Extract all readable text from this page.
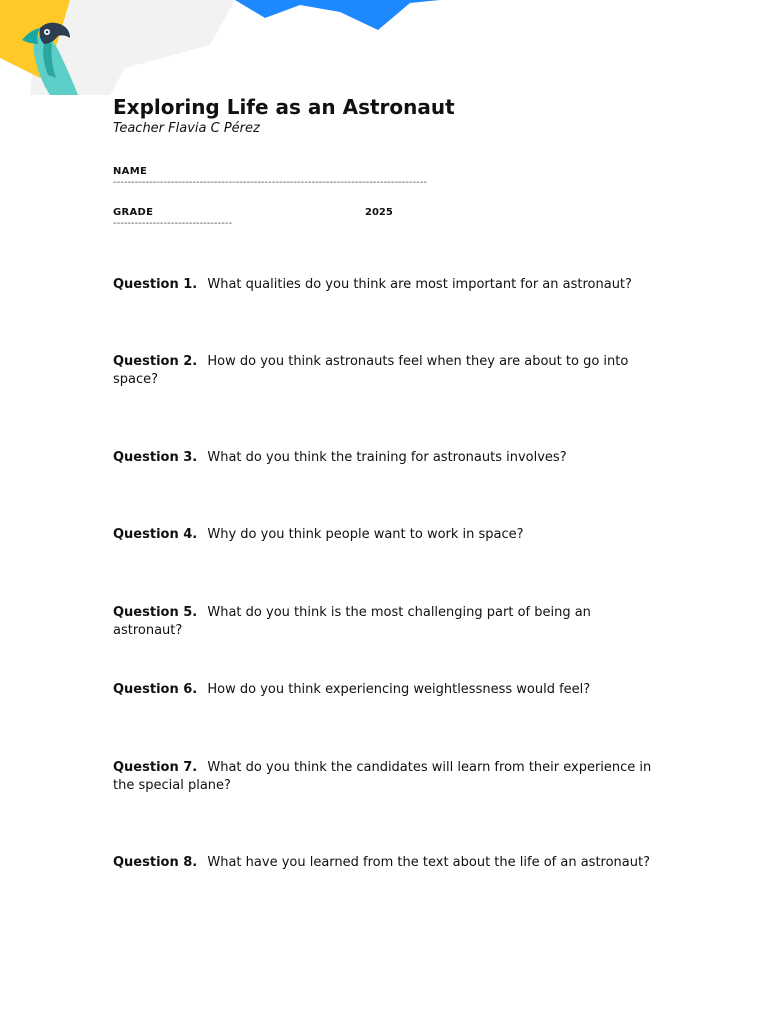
Exploring Life as an Astronaut

Teacher Flavia C Pérez

NAME
---------------------------------------------------------------------------------------
GRADE
---------------------------------
2025
Question 1. What qualities do you think are most important for an astronaut?
Question 2. How do you think astronauts feel when they are about to go into space?
Question 3. What do you think the training for astronauts involves?
Question 4. Why do you think people want to work in space?
Question 5. What do you think is the most challenging part of being an astronaut?
Question 6. How do you think experiencing weightlessness would feel?
Question 7. What do you think the candidates will learn from their experience in the special plane?
Question 8. What have you learned from the text about the life of an astronaut?
